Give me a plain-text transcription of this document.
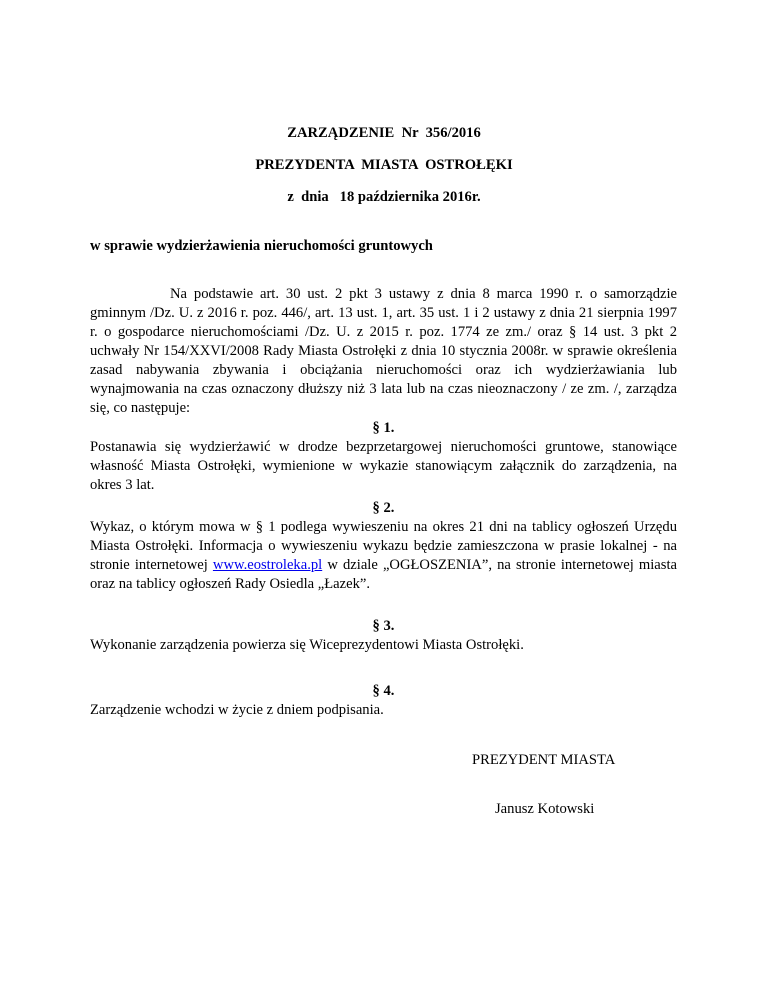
ZARZĄDZENIE  Nr  356/2016
PREZYDENTA  MIASTA  OSTROŁĘKI
z  dnia   18 października 2016r.
w sprawie wydzierżawienia nieruchomości gruntowych
Na podstawie art. 30 ust. 2 pkt 3 ustawy z dnia 8 marca 1990 r. o samorządzie gminnym /Dz. U. z 2016 r. poz. 446/, art. 13 ust. 1, art. 35 ust. 1 i 2 ustawy z dnia 21 sierpnia 1997 r. o gospodarce nieruchomościami /Dz. U. z 2015 r. poz. 1774 ze zm./ oraz § 14 ust. 3 pkt 2 uchwały Nr 154/XXVI/2008 Rady Miasta Ostrołęki z dnia 10 stycznia 2008r. w sprawie określenia zasad nabywania zbywania i obciążania nieruchomości oraz ich wydzierżawiania lub wynajmowania na czas oznaczony dłuższy niż 3 lata lub na czas nieoznaczony / ze zm. /, zarządza się, co następuje:
§ 1.
Postanawia się wydzierżawić w drodze bezprzetargowej nieruchomości gruntowe, stanowiące własność Miasta Ostrołęki, wymienione w wykazie stanowiącym załącznik do zarządzenia, na okres 3 lat.
§ 2.
Wykaz, o którym mowa w § 1 podlega wywieszeniu na okres 21 dni na tablicy ogłoszeń Urzędu Miasta Ostrołęki. Informacja o wywieszeniu wykazu będzie zamieszczona w prasie lokalnej - na stronie internetowej www.eostroleka.pl w dziale „OGŁOSZENIA”, na stronie internetowej miasta oraz na tablicy ogłoszeń Rady Osiedla „Łazek”.
§ 3.
Wykonanie zarządzenia powierza się Wiceprezydentowi Miasta Ostrołęki.
§ 4.
Zarządzenie wchodzi w życie z dniem podpisania.
PREZYDENT MIASTA
Janusz Kotowski
